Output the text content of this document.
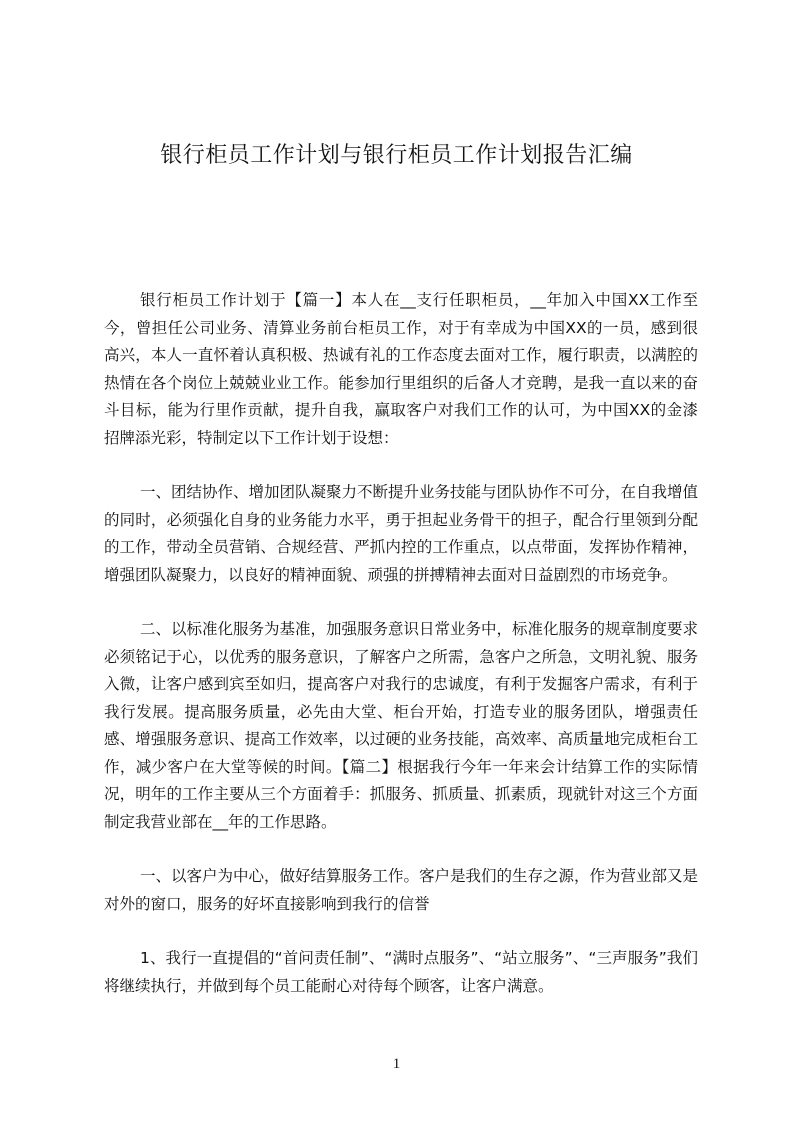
银行柜员工作计划与银行柜员工作计划报告汇编

银行柜员工作计划于【篇一】本人在__支行任职柜员，__年加入中国XX工作至今，曾担任公司业务、清算业务前台柜员工作，对于有幸成为中国XX的一员，感到很高兴，本人一直怀着认真积极、热诚有礼的工作态度去面对工作，履行职责，以满腔的热情在各个岗位上兢兢业业工作。能参加行里组织的后备人才竞聘，是我一直以来的奋斗目标，能为行里作贡献，提升自我，赢取客户对我们工作的认可，为中国XX的金漆招牌添光彩，特制定以下工作计划于设想：

一、团结协作、增加团队凝聚力不断提升业务技能与团队协作不可分，在自我增值的同时，必须强化自身的业务能力水平，勇于担起业务骨干的担子，配合行里领到分配的工作，带动全员营销、合规经营、严抓内控的工作重点，以点带面，发挥协作精神，增强团队凝聚力，以良好的精神面貌、顽强的拼搏精神去面对日益剧烈的市场竞争。

二、以标准化服务为基准，加强服务意识日常业务中，标准化服务的规章制度要求必须铭记于心，以优秀的服务意识，了解客户之所需，急客户之所急，文明礼貌、服务入微，让客户感到宾至如归，提高客户对我行的忠诚度，有利于发掘客户需求，有利于我行发展。提高服务质量，必先由大堂、柜台开始，打造专业的服务团队，增强责任感、增强服务意识、提高工作效率，以过硬的业务技能，高效率、高质量地完成柜台工作，减少客户在大堂等候的时间。【篇二】根据我行今年一年来会计结算工作的实际情况，明年的工作主要从三个方面着手：抓服务、抓质量、抓素质，现就针对这三个方面制定我营业部在__年的工作思路。

一、以客户为中心，做好结算服务工作。客户是我们的生存之源，作为营业部又是对外的窗口，服务的好坏直接影响到我行的信誉

1、我行一直提倡的“首问责任制”、“满时点服务”、“站立服务”、“三声服务”我们将继续执行，并做到每个员工能耐心对待每个顾客，让客户满意。

1
